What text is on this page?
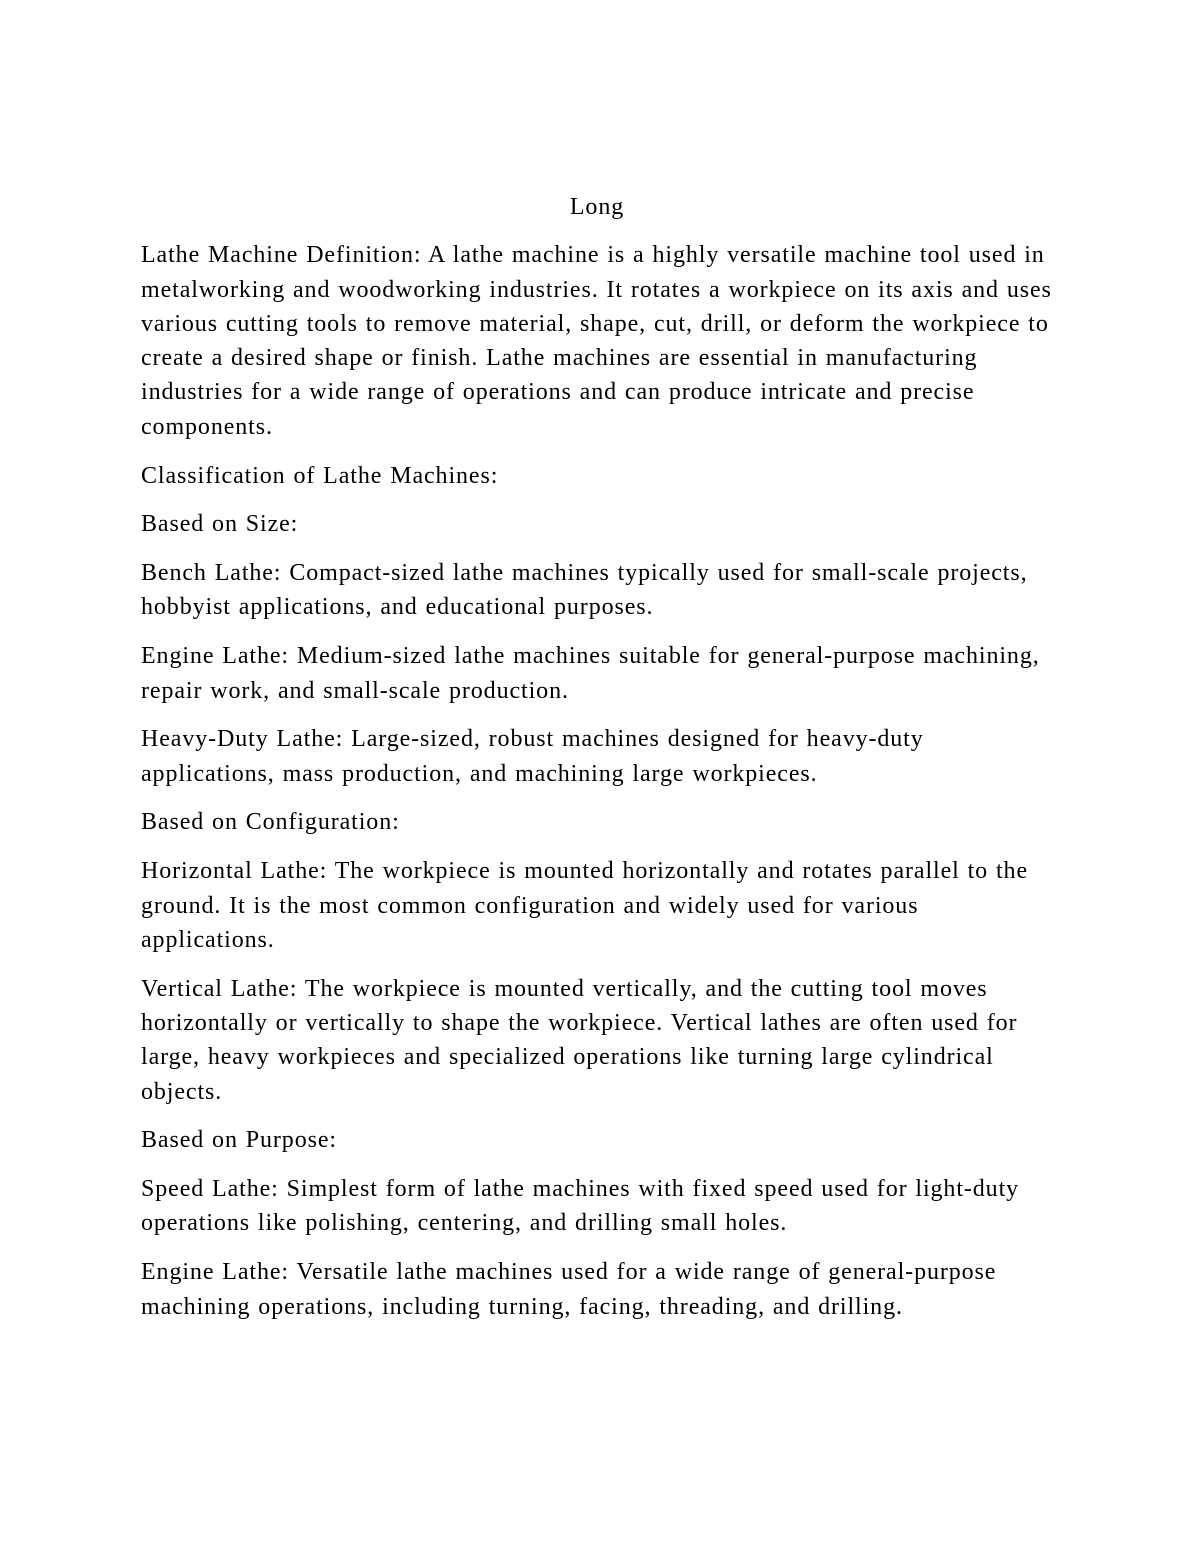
Long

Lathe Machine Definition: A lathe machine is a highly versatile machine tool used in metalworking and woodworking industries. It rotates a workpiece on its axis and uses various cutting tools to remove material, shape, cut, drill, or deform the workpiece to create a desired shape or finish. Lathe machines are essential in manufacturing industries for a wide range of operations and can produce intricate and precise components.

Classification of Lathe Machines:

Based on Size:

Bench Lathe: Compact-sized lathe machines typically used for small-scale projects, hobbyist applications, and educational purposes.

Engine Lathe: Medium-sized lathe machines suitable for general-purpose machining, repair work, and small-scale production.

Heavy-Duty Lathe: Large-sized, robust machines designed for heavy-duty applications, mass production, and machining large workpieces.

Based on Configuration:

Horizontal Lathe: The workpiece is mounted horizontally and rotates parallel to the ground. It is the most common configuration and widely used for various applications.

Vertical Lathe: The workpiece is mounted vertically, and the cutting tool moves horizontally or vertically to shape the workpiece. Vertical lathes are often used for large, heavy workpieces and specialized operations like turning large cylindrical objects.

Based on Purpose:

Speed Lathe: Simplest form of lathe machines with fixed speed used for light-duty operations like polishing, centering, and drilling small holes.

Engine Lathe: Versatile lathe machines used for a wide range of general-purpose machining operations, including turning, facing, threading, and drilling.
